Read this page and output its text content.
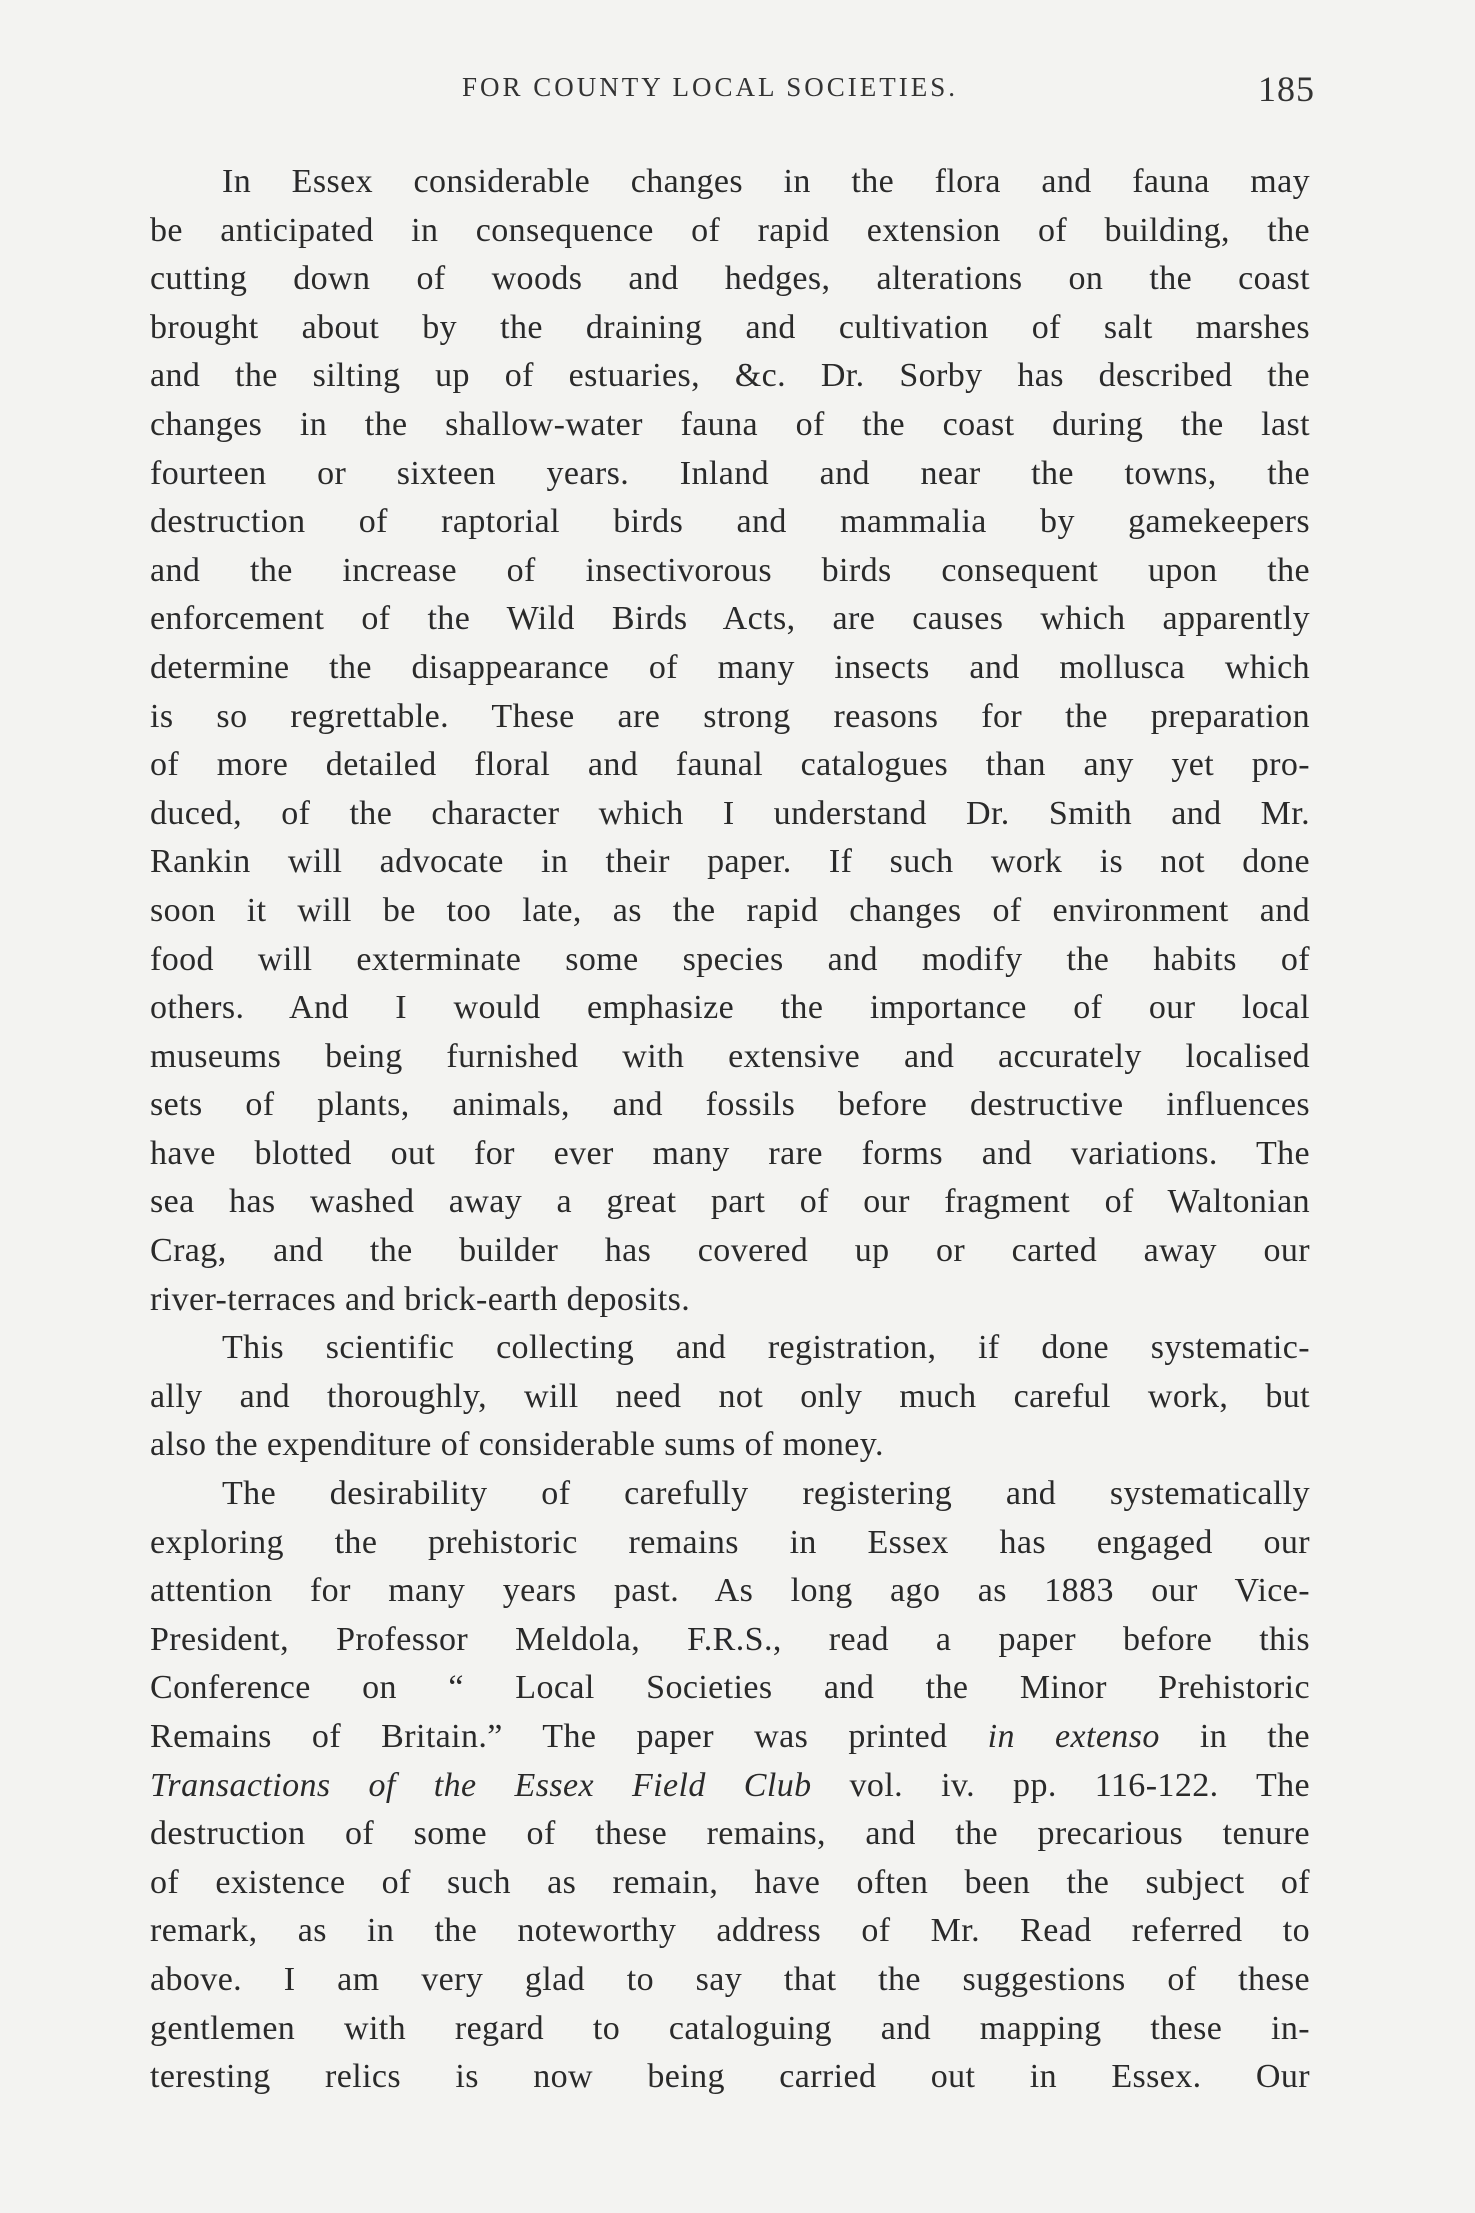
FOR COUNTY LOCAL SOCIETIES.	185
In Essex considerable changes in the flora and fauna may
be anticipated in consequence of rapid extension of building, the
cutting down of woods and hedges, alterations on the coast
brought about by the draining and cultivation of salt marshes
and the silting up of estuaries, &c. Dr. Sorby has described the
changes in the shallow-water fauna of the coast during the last
fourteen or sixteen years. Inland and near the towns, the
destruction of raptorial birds and mammalia by gamekeepers
and the increase of insectivorous birds consequent upon the
enforcement of the Wild Birds Acts, are causes which apparently
determine the disappearance of many insects and mollusca which
is so regrettable. These are strong reasons for the preparation
of more detailed floral and faunal catalogues than any yet pro-
duced, of the character which I understand Dr. Smith and Mr.
Rankin will advocate in their paper. If such work is not done
soon it will be too late, as the rapid changes of environment and
food will exterminate some species and modify the habits of
others. And I would emphasize the importance of our local
museums being furnished with extensive and accurately localised
sets of plants, animals, and fossils before destructive influences
have blotted out for ever many rare forms and variations. The
sea has washed away a great part of our fragment of Waltonian
Crag, and the builder has covered up or carted away our
river-terraces and brick-earth deposits.
This scientific collecting and registration, if done systematic-
ally and thoroughly, will need not only much careful work, but
also the expenditure of considerable sums of money.
The desirability of carefully registering and systematically
exploring the prehistoric remains in Essex has engaged our
attention for many years past. As long ago as 1883 our Vice-
President, Professor Meldola, F.R.S., read a paper before this
Conference on “ Local Societies and the Minor Prehistoric
Remains of Britain.” The paper was printed in extenso in the
Transactions of the Essex Field Club vol. iv. pp. 116-122. The
destruction of some of these remains, and the precarious tenure
of existence of such as remain, have often been the subject of
remark, as in the noteworthy address of Mr. Read referred to
above. I am very glad to say that the suggestions of these
gentlemen with regard to cataloguing and mapping these in-
teresting relics is now being carried out in Essex. Our
